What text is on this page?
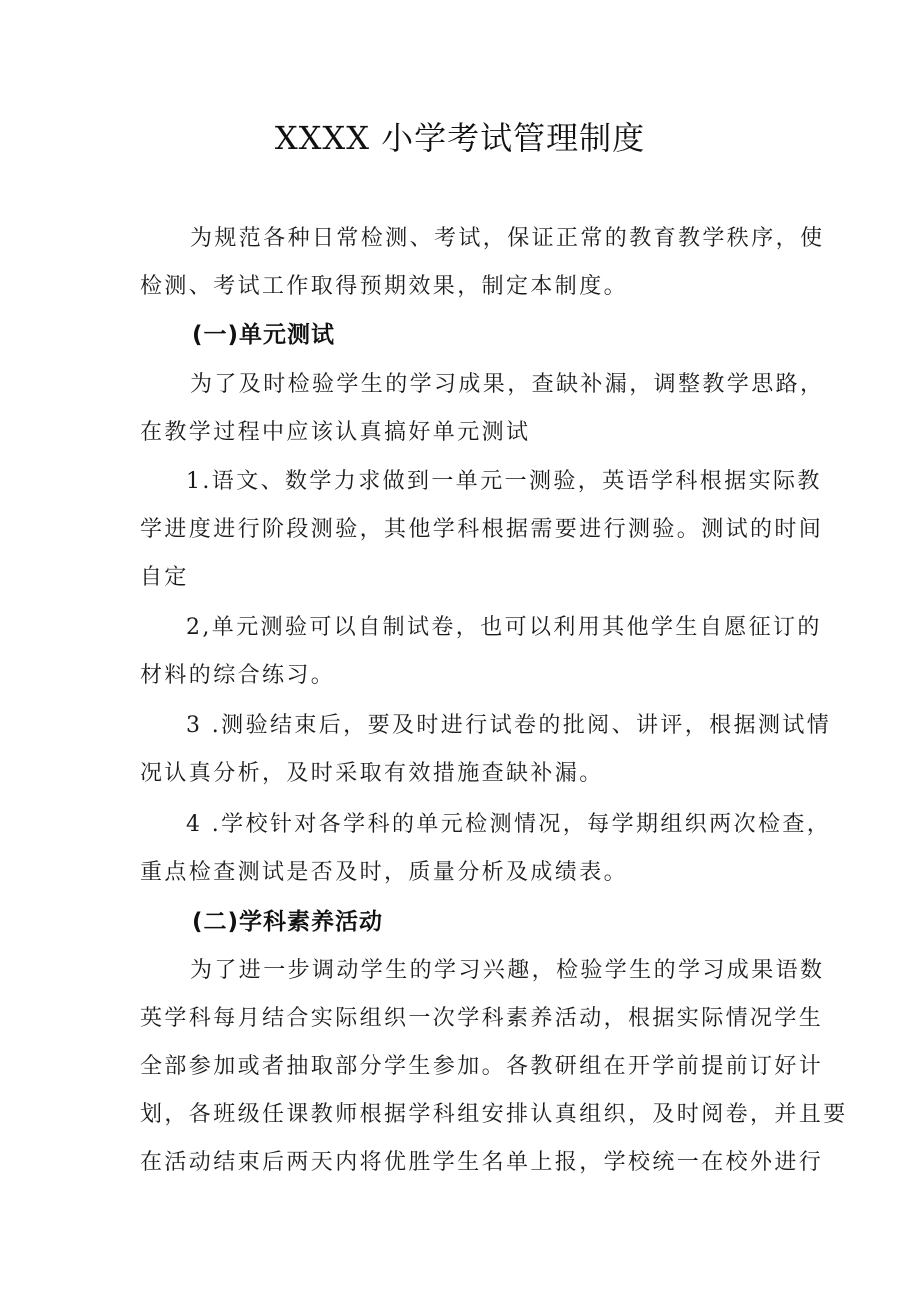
XXXX 小学考试管理制度
为规范各种日常检测、考试，保证正常的教育教学秩序，使
检测、考试工作取得预期效果，制定本制度。
(一)单元测试
为了及时检验学生的学习成果，查缺补漏，调整教学思路，
在教学过程中应该认真搞好单元测试
1.语文、数学力求做到一单元一测验，英语学科根据实际教
学进度进行阶段测验，其他学科根据需要进行测验。测试的时间
自定
2,单元测验可以自制试卷，也可以利用其他学生自愿征订的
材料的综合练习。
3 .测验结束后，要及时进行试卷的批阅、讲评，根据测试情
况认真分析，及时采取有效措施查缺补漏。
4 .学校针对各学科的单元检测情况，每学期组织两次检查，
重点检查测试是否及时，质量分析及成绩表。
(二)学科素养活动
为了进一步调动学生的学习兴趣，检验学生的学习成果语数
英学科每月结合实际组织一次学科素养活动，根据实际情况学生
全部参加或者抽取部分学生参加。各教研组在开学前提前订好计
划，各班级任课教师根据学科组安排认真组织，及时阅卷，并且要
在活动结束后两天内将优胜学生名单上报，学校统一在校外进行
